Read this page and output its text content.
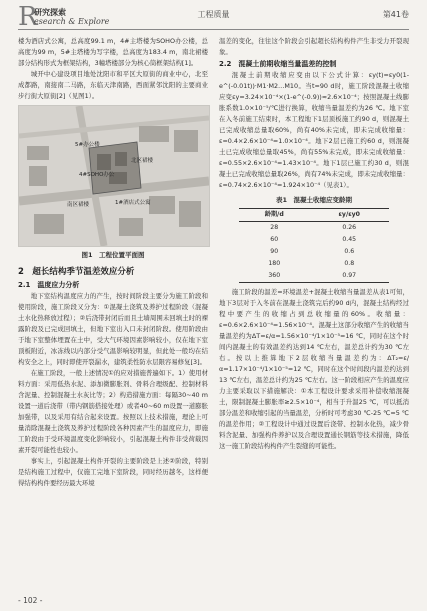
R
研究探索
esearch & Explore
工程质量	第41卷

楼为酒店式公寓，总高度99.1 m，4#主塔楼为SOHO办公楼，总高度为99 m，5#主塔楼为写字楼，总高度为183.4 m，南北裙楼部分结构形式为框架结构，3幢塔楼部分为核心筒框架结构[1]。

城开中心建设项目地处沈阳市和平区大原街的商业中心，北至成都路，南接南二马路，东临天津南路，西面紧邻沈阳的主要商业步行街大原街[2]（见图1）。

5#办公楼
4#SOHO办公
1#酒店式公寓
北区裙楼
南区裙楼
图1　工程位置平面图
2　超长结构季节温差效应分析
2.1　温度应力分析

地下室结构温度应力的产生，按时间阶段主要分为施工阶段和使用阶段，施工阶段又分为：①混凝土浇筑及养护过程阶段（混凝土水化热释放过程）；②后浇带封闭后而且土墙周围未回填土时的裸露阶段及已完成回填土，但地下室出入口未封闭阶段。使用阶段由于地下室整体埋置在土中，受大气环境因素影响较小，仅在地下室顶板附近，冰冻线以内部分受气温影响较明显，但此处一般均在结构安全之上，同时即使开裂漏水，建筑柔性防水层限容易修复[3]。

在施工阶段，一般上述情况①的应对措施普遍如下。1）使用材料方面：采用低热水泥、添加微膨胀剂、骨料合理级配、控制材料含泥量、控制混凝土水灰比等；2）构造措施方面：每隔30~40 m设置一道后浇带（带内钢筋搭接处理）或者40~60 m设置一道膨胀加强带，以及采用有结合起来设置。按照以上技术措施，理论上可量消除混凝土浇筑及养护过程阶段各种因素产生的温度应力，即施工阶段由于受环境温度变化影响较小，引起混凝土构件非受荷载因素开裂可能性也较小。

事实上，引起混凝土构件开裂的主要阶段是上述②阶段，特别是结构施工过程中，仅施工完地下室阶段，同时经历越冬，这样便得结构构件要经历最大环境

温差的变化，往往这个阶段会引起超长结构构件产生非受力开裂现象。

2.2　混凝土前期收缩当量温差的控制

混凝土前期收缩应变由以下公式计算：εy(t)=εy0(1-e^(-0.01t))·M1·M2…M10。当t=90 d时，施工阶段混凝土收缩应变εy=3.24×10⁻⁴×(1-e^(-0.9))≈2.6×10⁻⁴；按照混凝土线膨胀系数1.0×10⁻⁵/℃进行换算，收缩当量温差约为26 ℃。地下室在入冬前施工结束时，本工程地下1层顶板施工约90 d，则混凝土已完成收缩总量取60%，尚有40%未完成，即未完成收缩量：ε=0.4×2.6×10⁻⁴=1.0×10⁻⁴。地下2层已施工约60 d，则混凝土已完成收缩总量取45%，尚有55%未完成，即未完成收缩量：ε=0.55×2.6×10⁻⁴=1.43×10⁻⁴。地下1层已施工约30 d，则混凝土已完成收缩总量取26%，尚有74%未完成，即未完成收缩量：ε=0.74×2.6×10⁻⁴=1.924×10⁻⁴（见表1）。

表1　混凝土收缩应变龄期
龄期/d	εy/εy0
28	0.26
60	0.45
90	0.6
180	0.8
360	0.97

施工阶段的温差=环境温差+混凝土收缩当量温差从表1可知，地下3层对于入冬前在混凝土浇筑完后约90 d内，混凝土结构经过程中要产生的收缩占到总收缩量的60%。收缩量：ε=0.6×2.6×10⁻⁴=1.56×10⁻⁴。混凝土这部分收缩产生的收缩当量温差约为ΔT=ε/α=1.56×10⁻⁴/1×10⁻⁵=16 ℃，同时在这个时间内混凝土的有效温差约达到14 ℃左右，温差总计约为30 ℃左右。按以上推算地下2层收缩当量温差约为：ΔT₂=ε/α=1.17×10⁻⁴/1×10⁻⁵=12 ℃，同时在这个时间段内温差约达到13 ℃左右，温差总计约为25 ℃左右。这一阶段相应产生的温度应力主要采取以下措施解决：①本工程设计要求采用补偿收缩混凝土，限制混凝土膨胀率≥2.5×10⁻⁴，相当于升温25 ℃，可以抵消部分温差和收缩引起的当量温差，分析时可考虑30 ℃-25 ℃=5 ℃的温差作用；②工程设计中通过设置后浇带、控制水化热，减少骨料含泥量、加强构件养护以及合理设置通长钢筋等技术措施，降低这一施工阶段结构构件产生裂缝的可能性。

- 102 -
